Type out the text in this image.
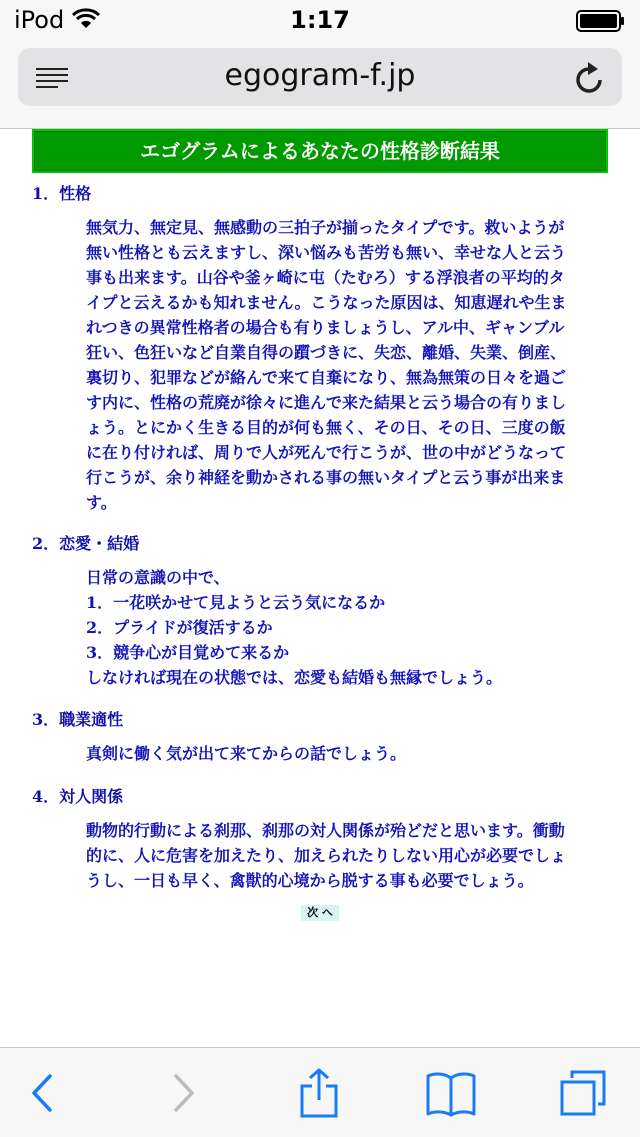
iPod	1:17
egogram-f.jp
エゴグラムによるあなたの性格診断結果
1．性格
無気力、無定見、無感動の三拍子が揃ったタイプです。救いようが
無い性格とも云えますし、深い悩みも苦労も無い、幸せな人と云う
事も出来ます。山谷や釜ヶ崎に屯（たむろ）する浮浪者の平均的タ
イプと云えるかも知れません。こうなった原因は、知恵遅れや生ま
れつきの異常性格者の場合も有りましょうし、アル中、ギャンブル
狂い、色狂いなど自業自得の躓づきに、失恋、離婚、失業、倒産、
裏切り、犯罪などが絡んで来て自棄になり、無為無策の日々を過ご
す内に、性格の荒廃が徐々に進んで来た結果と云う場合の有りまし
ょう。とにかく生きる目的が何も無く、その日、その日、三度の飯
に在り付ければ、周りで人が死んで行こうが、世の中がどうなって
行こうが、余り神経を動かされる事の無いタイプと云う事が出来ま
す。
2．恋愛・結婚
日常の意識の中で、
1．一花咲かせて見ようと云う気になるか
2．プライドが復活するか
3．競争心が目覚めて来るか
しなければ現在の状態では、恋愛も結婚も無縁でしょう。
3．職業適性
真剣に働く気が出て来てからの話でしょう。
4．対人関係
動物的行動による刹那、刹那の対人関係が殆どだと思います。衝動
的に、人に危害を加えたり、加えられたりしない用心が必要でしょ
うし、一日も早く、禽獣的心境から脱する事も必要でしょう。
次 へ
